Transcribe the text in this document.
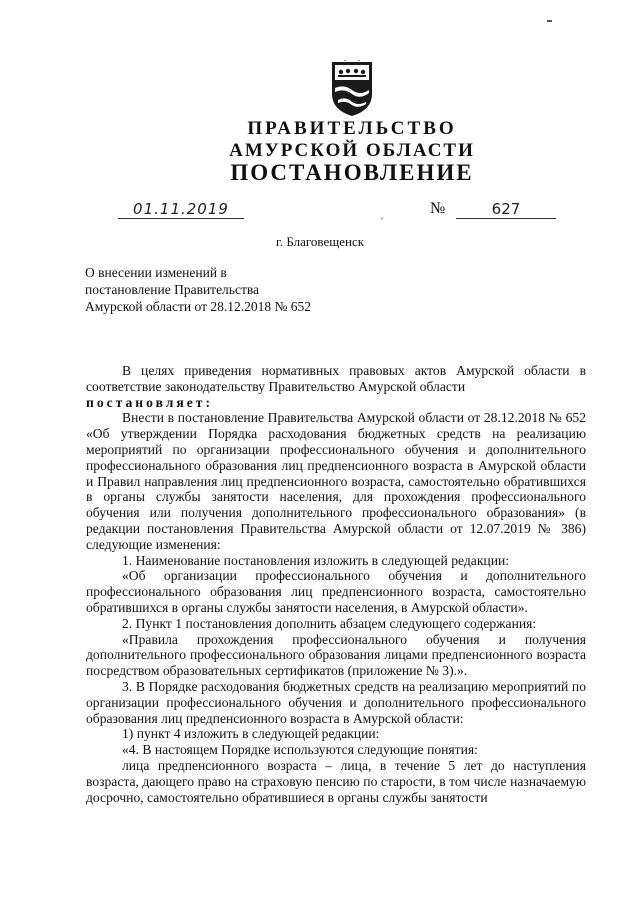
ПРАВИТЕЛЬСТВО
АМУРСКОЙ ОБЛАСТИ
ПОСТАНОВЛЕНИЕ
01.11.2019	ˎ	№	627
г. Благовещенск

О внесении изменений в постановление Правительства Амурской области от 28.12.2018 № 652

В целях приведения нормативных правовых актов Амурской области в соответствие законодательству Правительство Амурской области

постановляет:

Внести в постановление Правительства Амурской области от 28.12.2018 № 652 «Об утверждении Порядка расходования бюджетных средств на реализацию мероприятий по организации профессионального обучения и дополнительного профессионального образования лиц предпенсионного возраста в Амурской области и Правил направления лиц предпенсионного возраста, самостоятельно обратившихся в органы службы занятости населения, для прохождения профессионального обучения или получения дополнительного профессионального образования» (в редакции постановления Правительства Амурской области от 12.07.2019 № 386) следующие изменения:

1. Наименование постановления изложить в следующей редакции:

«Об организации профессионального обучения и дополнительного профессионального образования лиц предпенсионного возраста, самостоятельно обратившихся в органы службы занятости населения, в Амурской области».

2. Пункт 1 постановления дополнить абзацем следующего содержания:

«Правила прохождения профессионального обучения и получения дополнительного профессионального образования лицами предпенсионного возраста посредством образовательных сертификатов (приложение № 3).».

3. В Порядке расходования бюджетных средств на реализацию мероприятий по организации профессионального обучения и дополнительного профессионального образования лиц предпенсионного возраста в Амурской области:

1) пункт 4 изложить в следующей редакции:

«4. В настоящем Порядке используются следующие понятия:

лица предпенсионного возраста – лица, в течение 5 лет до наступления возраста, дающего право на страховую пенсию по старости, в том числе назначаемую досрочно, самостоятельно обратившиеся в органы службы занятости
